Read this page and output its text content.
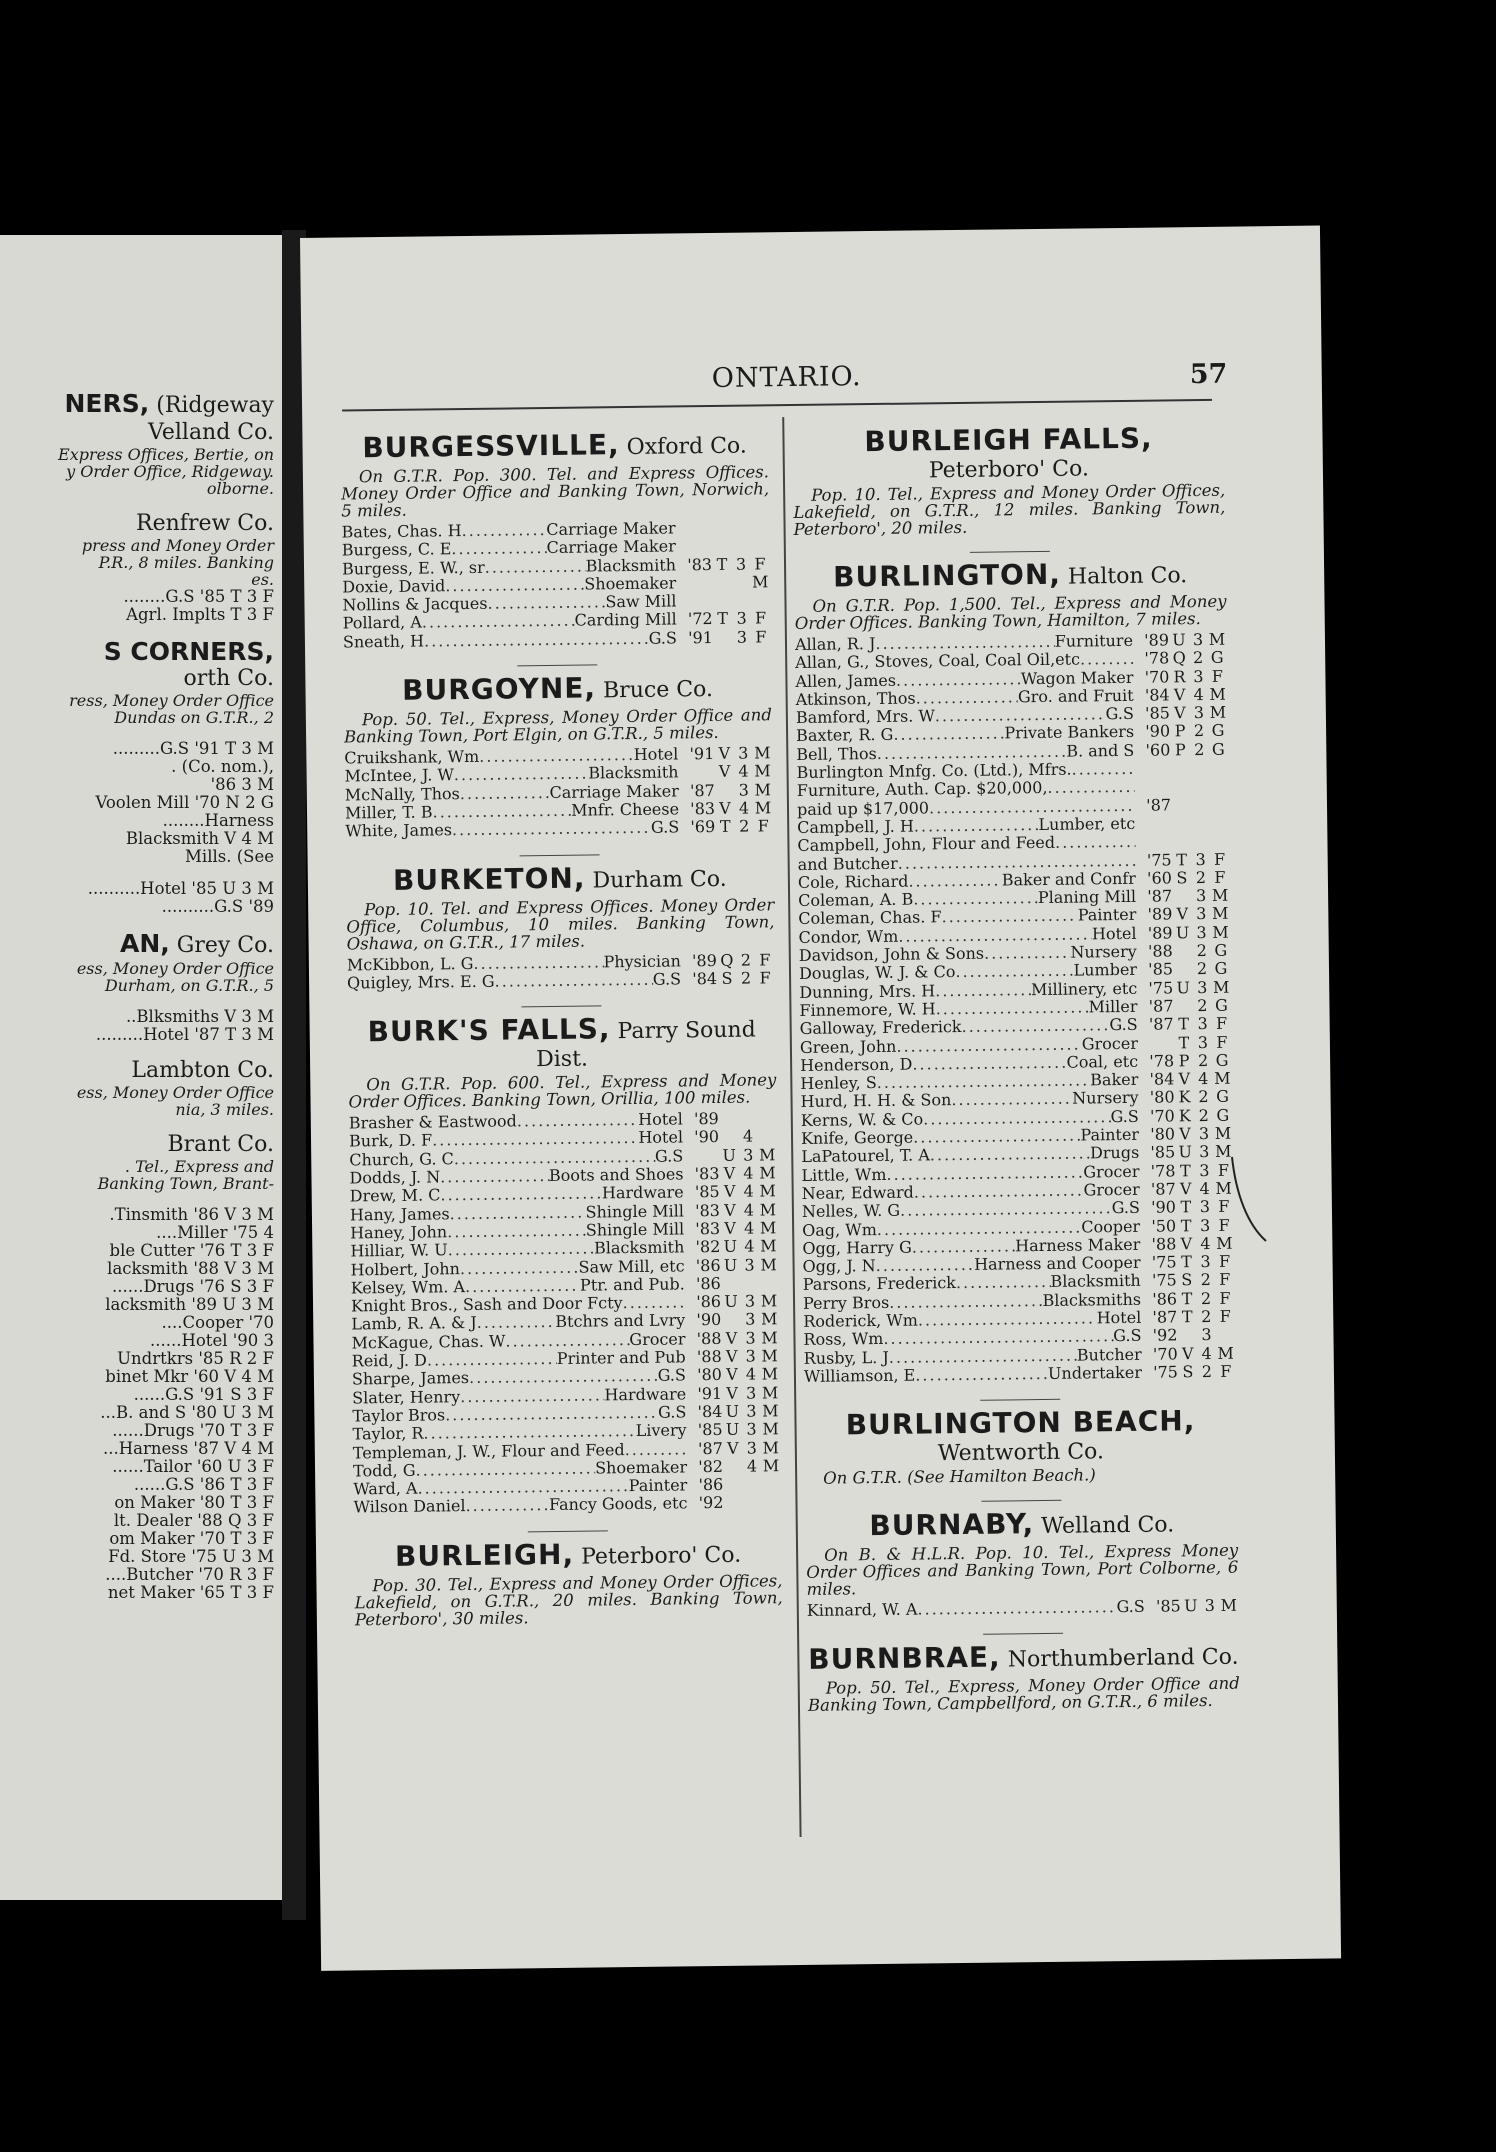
NERS, (Ridgeway
Velland Co.
Express Offices, Bertie, on
y Order Office, Ridgeway.
olborne.
Renfrew Co.
press and Money Order
P.R., 8 miles. Banking
es.
........G.S '85 T 3 F
Agrl. Implts T 3 F
S CORNERS,
orth Co.
ress, Money Order Office
Dundas on G.T.R., 2
.........G.S '91 T 3 M
. (Co. nom.),
'86 3 M
Voolen Mill '70 N 2 G
........Harness
Blacksmith V 4 M
Mills. (See
..........Hotel '85 U 3 M
..........G.S '89
AN, Grey Co.
ess, Money Order Office
Durham, on G.T.R., 5
..Blksmiths V 3 M
.........Hotel '87 T 3 M
Lambton Co.
ess, Money Order Office
nia, 3 miles.
Brant Co.
. Tel., Express and
Banking Town, Brant-
.Tinsmith '86 V 3 M
....Miller '75 4
ble Cutter '76 T 3 F
lacksmith '88 V 3 M
......Drugs '76 S 3 F
lacksmith '89 U 3 M
....Cooper '70
......Hotel '90 3
Undrtkrs '85 R 2 F
binet Mkr '60 V 4 M
......G.S '91 S 3 F
...B. and S '80 U 3 M
......Drugs '70 T 3 F
...Harness '87 V 4 M
......Tailor '60 U 3 F
......G.S '86 T 3 F
on Maker '80 T 3 F
lt. Dealer '88 Q 3 F
om Maker '70 T 3 F
Fd. Store '75 U 3 M
....Butcher '70 R 3 F
net Maker '65 T 3 F
ONTARIO.	57
BURGESSVILLE, Oxford Co.
On G.T.R. Pop. 300. Tel. and Express Offices. Money Order Office and Banking Town, Norwich, 5 miles.
Bates, Chas. H .....	Carriage Maker
Burgess, C. E .....	Carriage Maker
Burgess, E. W., sr .....	Blacksmith '83 T 3 F
Doxie, David .....	Shoemaker	M
Nollins & Jacques .....	Saw Mill
Pollard, A .....	Carding Mill '72 T 3 F
Sneath, H .....	G.S '91 3 F
BURGOYNE, Bruce Co.
Pop. 50. Tel., Express, Money Order Office and Banking Town, Port Elgin, on G.T.R., 5 miles.
Cruikshank, Wm .....	Hotel '91 V 3 M
McIntee, J. W .....	Blacksmith V 4 M
McNally, Thos .....	Carriage Maker '87 3 M
Miller, T. B .....	Mnfr. Cheese '83 V 4 M
White, James .....	G.S '69 T 2 F
BURKETON, Durham Co.
Pop. 10. Tel. and Express Offices. Money Order Office, Columbus, 10 miles. Banking Town, Oshawa, on G.T.R., 17 miles.
McKibbon, L. G .....	Physician '89 Q 2 F
Quigley, Mrs. E. G .....	G.S '84 S 2 F
BURK'S FALLS, Parry Sound
Dist.
On G.T.R. Pop. 600. Tel., Express and Money Order Offices. Banking Town, Orillia, 100 miles.
Brasher & Eastwood .....	Hotel '89
Burk, D. F .....	Hotel '90 4
Church, G. C .....	G.S U 3 M
Dodds, J. N .....	Boots and Shoes '83 V 4 M
Drew, M. C .....	Hardware '85 V 4 M
Hany, James .....	Shingle Mill '83 V 4 M
Haney, John .....	Shingle Mill '83 V 4 M
Hilliar, W. U .....	Blacksmith '82 U 4 M
Holbert, John .....	Saw Mill, etc '86 U 3 M
Kelsey, Wm. A .....	Ptr. and Pub. '86
Knight Bros., Sash and Door Fcty .....	'86 U 3 M
Lamb, R. A. & J .....	Btchrs and Lvry '90 3 M
McKague, Chas. W .....	Grocer '88 V 3 M
Reid, J. D .....	Printer and Pub '88 V 3 M
Sharpe, James .....	G.S '80 V 4 M
Slater, Henry .....	Hardware '91 V 3 M
Taylor Bros .....	G.S '84 U 3 M
Taylor, R .....	Livery '85 U 3 M
Templeman, J. W., Flour and Feed .....	'87 V 3 M
Todd, G .....	Shoemaker '82 4 M
Ward, A .....	Painter '86
Wilson Daniel .....	Fancy Goods, etc '92
BURLEIGH, Peterboro' Co.
Pop. 30. Tel., Express and Money Order Offices, Lakefield, on G.T.R., 20 miles. Banking Town, Peterboro', 30 miles.
BURLEIGH FALLS,
Peterboro' Co.
Pop. 10. Tel., Express and Money Order Offices, Lakefield, on G.T.R., 12 miles. Banking Town, Peterboro', 20 miles.
BURLINGTON, Halton Co.
On G.T.R. Pop. 1,500. Tel., Express and Money Order Offices. Banking Town, Hamilton, 7 miles.
Allan, R. J .....	Furniture '89 U 3 M
Allan, G., Stoves, Coal, Coal Oil,etc .....	'78 Q 2 G
Allen, James .....	Wagon Maker '70 R 3 F
Atkinson, Thos .....	Gro. and Fruit '84 V 4 M
Bamford, Mrs. W .....	G.S '85 V 3 M
Baxter, R. G .....	Private Bankers '90 P 2 G
Bell, Thos .....	B. and S '60 P 2 G
Burlington Mnfg. Co. (Ltd.), Mfrs.
.....
Furniture, Auth. Cap. $20,000,
.....
paid up $17,000 .....	'87
Campbell, J. H .....	Lumber, etc
Campbell, John, Flour and Feed
.....
and Butcher .....	'75 T 3 F
Cole, Richard .....	Baker and Confr '60 S 2 F
Coleman, A. B .....	Planing Mill '87 3 M
Coleman, Chas. F .....	Painter '89 V 3 M
Condor, Wm .....	Hotel '89 U 3 M
Davidson, John & Sons .....	Nursery '88 2 G
Douglas, W. J. & Co .....	Lumber '85 2 G
Dunning, Mrs. H .....	Millinery, etc '75 U 3 M
Finnemore, W. H .....	Miller '87 2 G
Galloway, Frederick .....	G.S '87 T 3 F
Green, John .....	Grocer	T 3 F
Henderson, D .....	Coal, etc '78 P 2 G
Henley, S .....	Baker '84 V 4 M
Hurd, H. H. & Son .....	Nursery '80 K 2 G
Kerns, W. & Co .....	G.S '70 K 2 G
Knife, George .....	Painter '80 V 3 M
LaPatourel, T. A .....	Drugs '85 U 3 M
Little, Wm .....	Grocer '78 T 3 F
Near, Edward .....	Grocer '87 V 4 M
Nelles, W. G .....	G.S '90 T 3 F
Oag, Wm .....	Cooper '50 T 3 F
Ogg, Harry G .....	Harness Maker '88 V 4 M
Ogg, J. N .....	Harness and Cooper '75 T 3 F
Parsons, Frederick .....	Blacksmith '75 S 2 F
Perry Bros .....	Blacksmiths '86 T 2 F
Roderick, Wm .....	Hotel '87 T 2 F
Ross, Wm .....	G.S '92 3
Rusby, L. J .....	Butcher '70 V 4 M
Williamson, E .....	Undertaker '75 S 2 F
BURLINGTON BEACH,
Wentworth Co.
On G.T.R. (See Hamilton Beach.)
BURNABY, Welland Co.
On B. & H.L.R. Pop. 10. Tel., Express Money Order Offices and Banking Town, Port Colborne, 6 miles.
Kinnard, W. A .....	G.S '85 U 3 M
BURNBRAE, Northumberland Co.
Pop. 50. Tel., Express, Money Order Office and Banking Town, Campbellford, on G.T.R., 6 miles.
